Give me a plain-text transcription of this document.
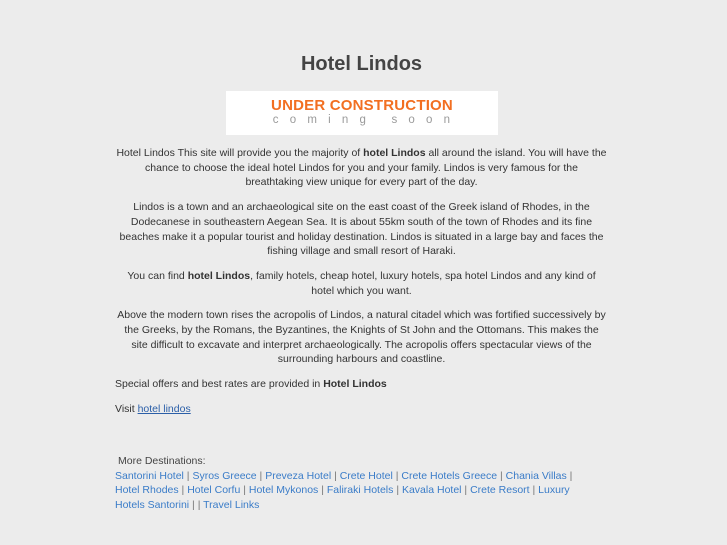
Hotel Lindos
UNDER CONSTRUCTION
coming soon

Hotel Lindos This site will provide you the majority of hotel Lindos all around the island. You will have the chance to choose the ideal hotel Lindos for you and your family. Lindos is very famous for the breathtaking view unique for every part of the day.

Lindos is a town and an archaeological site on the east coast of the Greek island of Rhodes, in the Dodecanese in southeastern Aegean Sea. It is about 55km south of the town of Rhodes and its fine beaches make it a popular tourist and holiday destination. Lindos is situated in a large bay and faces the fishing village and small resort of Haraki.

You can find hotel Lindos, family hotels, cheap hotel, luxury hotels, spa hotel Lindos and any kind of hotel which you want.

Above the modern town rises the acropolis of Lindos, a natural citadel which was fortified successively by the Greeks, by the Romans, the Byzantines, the Knights of St John and the Ottomans. This makes the site difficult to excavate and interpret archaeologically. The acropolis offers spectacular views of the surrounding harbours and coastline.

Special offers and best rates are provided in Hotel Lindos

Visit hotel lindos

More Destinations:
Santorini Hotel | Syros Greece | Preveza Hotel | Crete Hotel | Crete Hotels Greece | Chania Villas | Hotel Rhodes | Hotel Corfu | Hotel Mykonos | Faliraki Hotels | Kavala Hotel | Crete Resort | Luxury Hotels Santorini | | Travel Links
